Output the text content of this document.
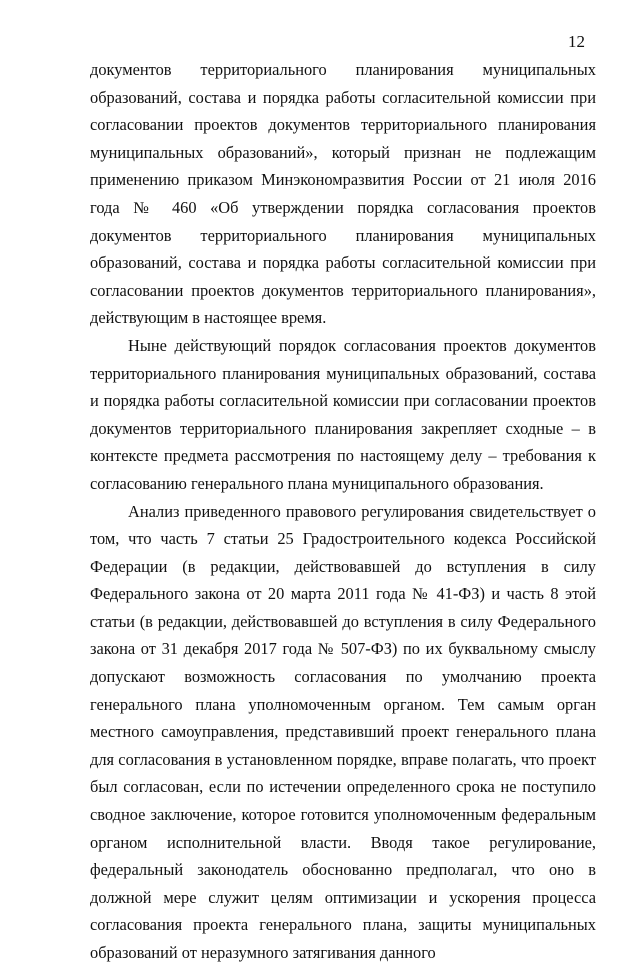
12

документов территориального планирования муниципальных образований, состава и порядка работы согласительной комиссии при согласовании проектов документов территориального планирования муниципальных образований», который признан не подлежащим применению приказом Минэкономразвития России от 21 июля 2016 года № 460 «Об утверждении порядка согласования проектов документов территориального планирования муниципальных образований, состава и порядка работы согласительной комиссии при согласовании проектов документов территориального планирования», действующим в настоящее время.

Ныне действующий порядок согласования проектов документов территориального планирования муниципальных образований, состава и порядка работы согласительной комиссии при согласовании проектов документов территориального планирования закрепляет сходные – в контексте предмета рассмотрения по настоящему делу – требования к согласованию генерального плана муниципального образования.

Анализ приведенного правового регулирования свидетельствует о том, что часть 7 статьи 25 Градостроительного кодекса Российской Федерации (в редакции, действовавшей до вступления в силу Федерального закона от 20 марта 2011 года № 41-ФЗ) и часть 8 этой статьи (в редакции, действовавшей до вступления в силу Федерального закона от 31 декабря 2017 года № 507-ФЗ) по их буквальному смыслу допускают возможность согласования по умолчанию проекта генерального плана уполномоченным органом. Тем самым орган местного самоуправления, представивший проект генерального плана для согласования в установленном порядке, вправе полагать, что проект был согласован, если по истечении определенного срока не поступило сводное заключение, которое готовится уполномоченным федеральным органом исполнительной власти. Вводя такое регулирование, федеральный законодатель обоснованно предполагал, что оно в должной мере служит целям оптимизации и ускорения процесса согласования проекта генерального плана, защиты муниципальных образований от неразумного затягивания данного
